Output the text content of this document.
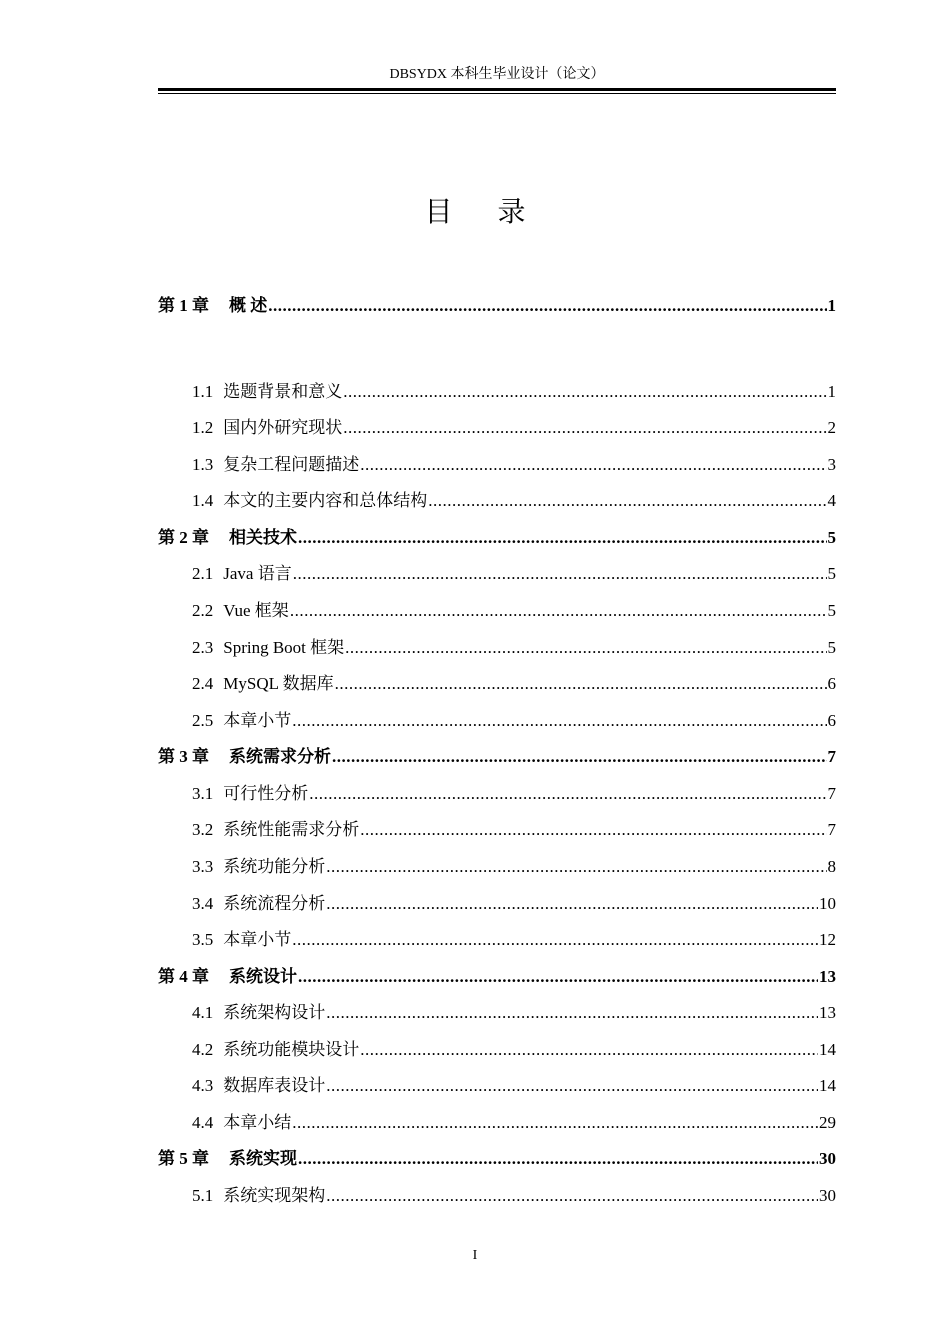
DBSYDX 本科生毕业设计（论文）
目 录
第 1 章 概 述 .....	1
1.1 选题背景和意义 .....	1
1.2 国内外研究现状 .....	2
1.3 复杂工程问题描述 .....	3
1.4 本文的主要内容和总体结构 .....	4
第 2 章 相关技术 .....	5
2.1 Java 语言 .....	5
2.2 Vue 框架 .....	5
2.3 Spring Boot 框架 .....	5
2.4 MySQL 数据库 .....	6
2.5 本章小节 .....	6
第 3 章 系统需求分析 .....	7
3.1 可行性分析 .....	7
3.2 系统性能需求分析 .....	7
3.3 系统功能分析 .....	8
3.4 系统流程分析 .....	10
3.5 本章小节 .....	12
第 4 章 系统设计 .....	13
4.1 系统架构设计 .....	13
4.2 系统功能模块设计 .....	14
4.3 数据库表设计 .....	14
4.4 本章小结 .....	29
第 5 章 系统实现 .....	30
5.1 系统实现架构 .....	30
I
